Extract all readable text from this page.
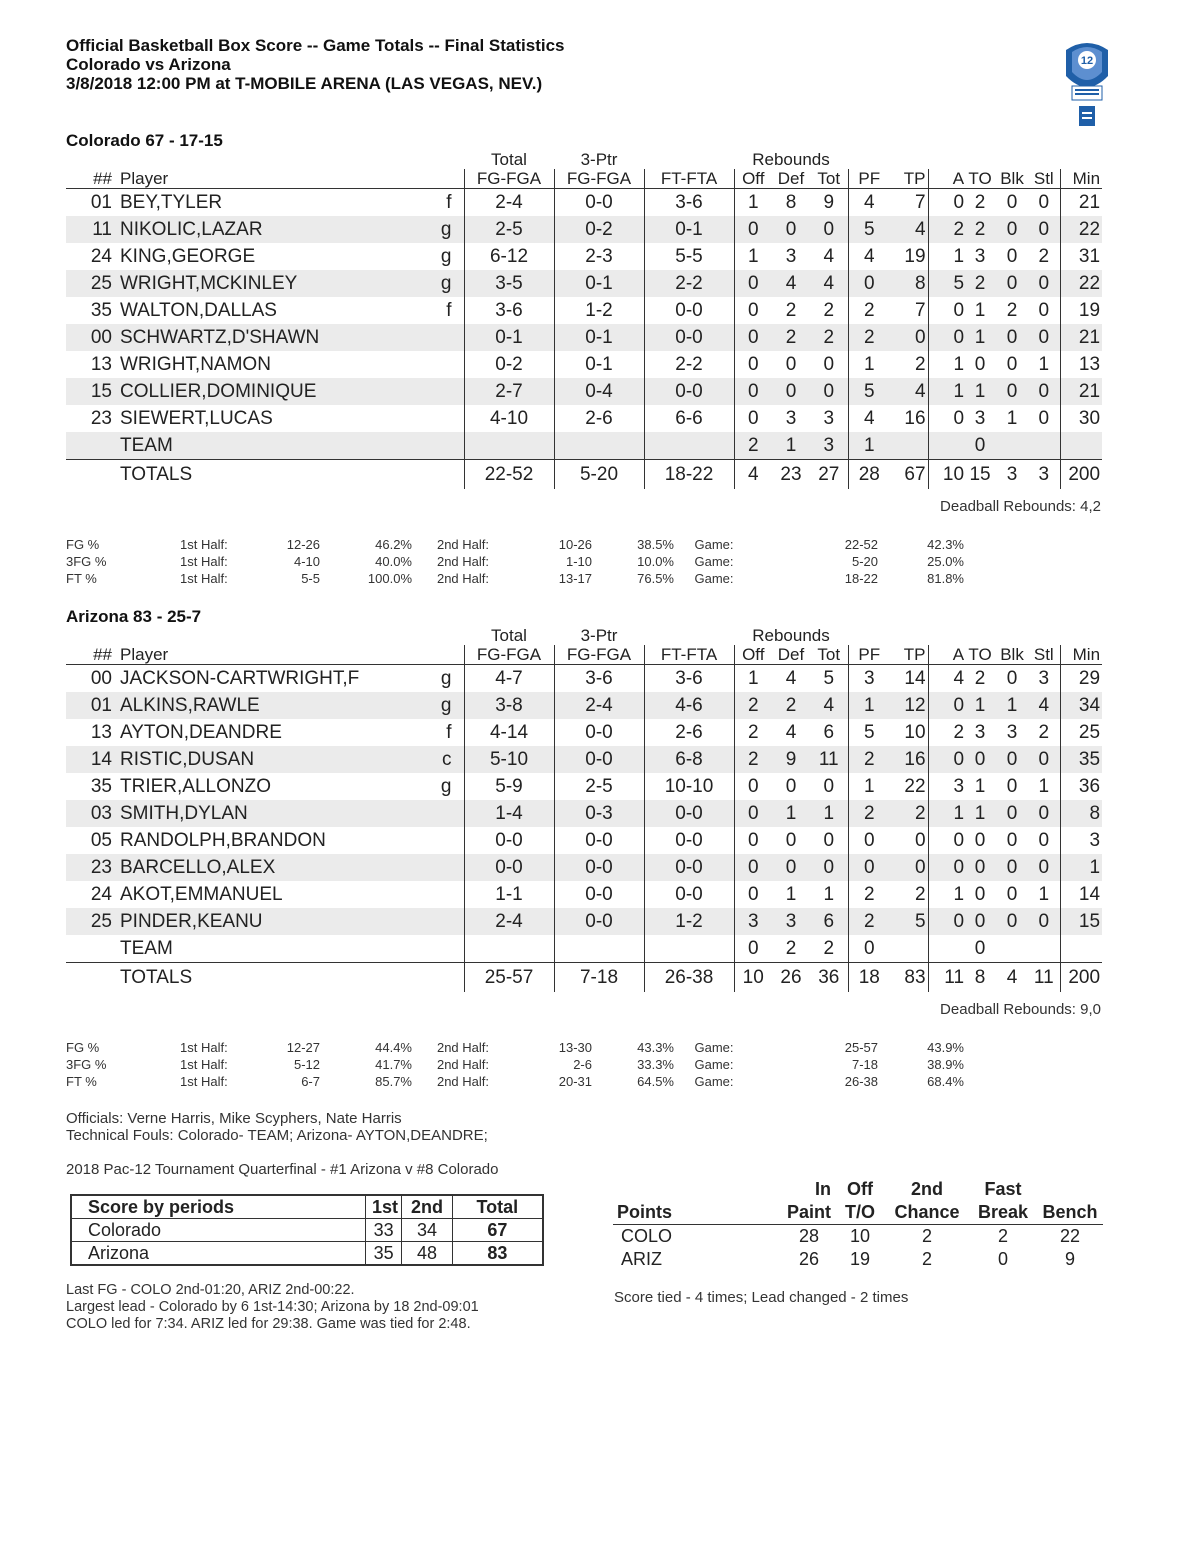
Official Basketball Box Score -- Game Totals -- Final Statistics
Colorado vs Arizona
3/8/2018 12:00 PM at T-MOBILE ARENA (LAS VEGAS, NEV.)
12
Colorado 67 - 17-15
			Total	3-Ptr		Rebounds									
##	Player		FG-FGA	FG-FGA	FT-FTA	Off	Def	Tot	PF	TP	A	TO	Blk	Stl	Min
01	BEY,TYLER	f	2-4	0-0	3-6	1	8	9	4	7	0	2	0	0	21
11	NIKOLIC,LAZAR	g	2-5	0-2	0-1	0	0	0	5	4	2	2	0	0	22
24	KING,GEORGE	g	6-12	2-3	5-5	1	3	4	4	19	1	3	0	2	31
25	WRIGHT,MCKINLEY	g	3-5	0-1	2-2	0	4	4	0	8	5	2	0	0	22
35	WALTON,DALLAS	f	3-6	1-2	0-0	0	2	2	2	7	0	1	2	0	19
00	SCHWARTZ,D'SHAWN		0-1	0-1	0-0	0	2	2	2	0	0	1	0	0	21
13	WRIGHT,NAMON		0-2	0-1	2-2	0	0	0	1	2	1	0	0	1	13
15	COLLIER,DOMINIQUE		2-7	0-4	0-0	0	0	0	5	4	1	1	0	0	21
23	SIEWERT,LUCAS		4-10	2-6	6-6	0	3	3	4	16	0	3	1	0	30
	TEAM					2	1	3	1			0			
	TOTALS		22-52	5-20	18-22	4	23	27	28	67	10	15	3	3	200
Deadball Rebounds: 4,2
FG %	1st Half:	12-26	46.2%	2nd Half:	10-26	38.5%	Game:	22-52	42.3%
3FG %	1st Half:	4-10	40.0%	2nd Half:	1-10	10.0%	Game:	5-20	25.0%
FT %	1st Half:	5-5	100.0%	2nd Half:	13-17	76.5%	Game:	18-22	81.8%
Arizona 83 - 25-7
			Total	3-Ptr		Rebounds									
##	Player		FG-FGA	FG-FGA	FT-FTA	Off	Def	Tot	PF	TP	A	TO	Blk	Stl	Min
00	JACKSON-CARTWRIGHT,F	g	4-7	3-6	3-6	1	4	5	3	14	4	2	0	3	29
01	ALKINS,RAWLE	g	3-8	2-4	4-6	2	2	4	1	12	0	1	1	4	34
13	AYTON,DEANDRE	f	4-14	0-0	2-6	2	4	6	5	10	2	3	3	2	25
14	RISTIC,DUSAN	c	5-10	0-0	6-8	2	9	11	2	16	0	0	0	0	35
35	TRIER,ALLONZO	g	5-9	2-5	10-10	0	0	0	1	22	3	1	0	1	36
03	SMITH,DYLAN		1-4	0-3	0-0	0	1	1	2	2	1	1	0	0	8
05	RANDOLPH,BRANDON		0-0	0-0	0-0	0	0	0	0	0	0	0	0	0	3
23	BARCELLO,ALEX		0-0	0-0	0-0	0	0	0	0	0	0	0	0	0	1
24	AKOT,EMMANUEL		1-1	0-0	0-0	0	1	1	2	2	1	0	0	1	14
25	PINDER,KEANU		2-4	0-0	1-2	3	3	6	2	5	0	0	0	0	15
	TEAM					0	2	2	0			0			
	TOTALS		25-57	7-18	26-38	10	26	36	18	83	11	8	4	11	200
Deadball Rebounds: 9,0
FG %	1st Half:	12-27	44.4%	2nd Half:	13-30	43.3%	Game:	25-57	43.9%
3FG %	1st Half:	5-12	41.7%	2nd Half:	2-6	33.3%	Game:	7-18	38.9%
FT %	1st Half:	6-7	85.7%	2nd Half:	20-31	64.5%	Game:	26-38	68.4%
Officials: Verne Harris, Mike Scyphers, Nate Harris
Technical Fouls: Colorado- TEAM; Arizona- AYTON,DEANDRE;
2018 Pac-12 Tournament Quarterfinal - #1 Arizona v #8 Colorado
Score by periods	1st	2nd	Total
Colorado	33	34	67
Arizona	35	48	83
	In	Off	2nd	Fast	
Points	Paint	T/O	Chance	Break	Bench
COLO	28	10	2	2	22
ARIZ	26	19	2	0	9
Last FG - COLO 2nd-01:20, ARIZ 2nd-00:22.
Largest lead - Colorado by 6 1st-14:30; Arizona by 18 2nd-09:01
COLO led for 7:34. ARIZ led for 29:38. Game was tied for 2:48.
Score tied - 4 times; Lead changed - 2 times
